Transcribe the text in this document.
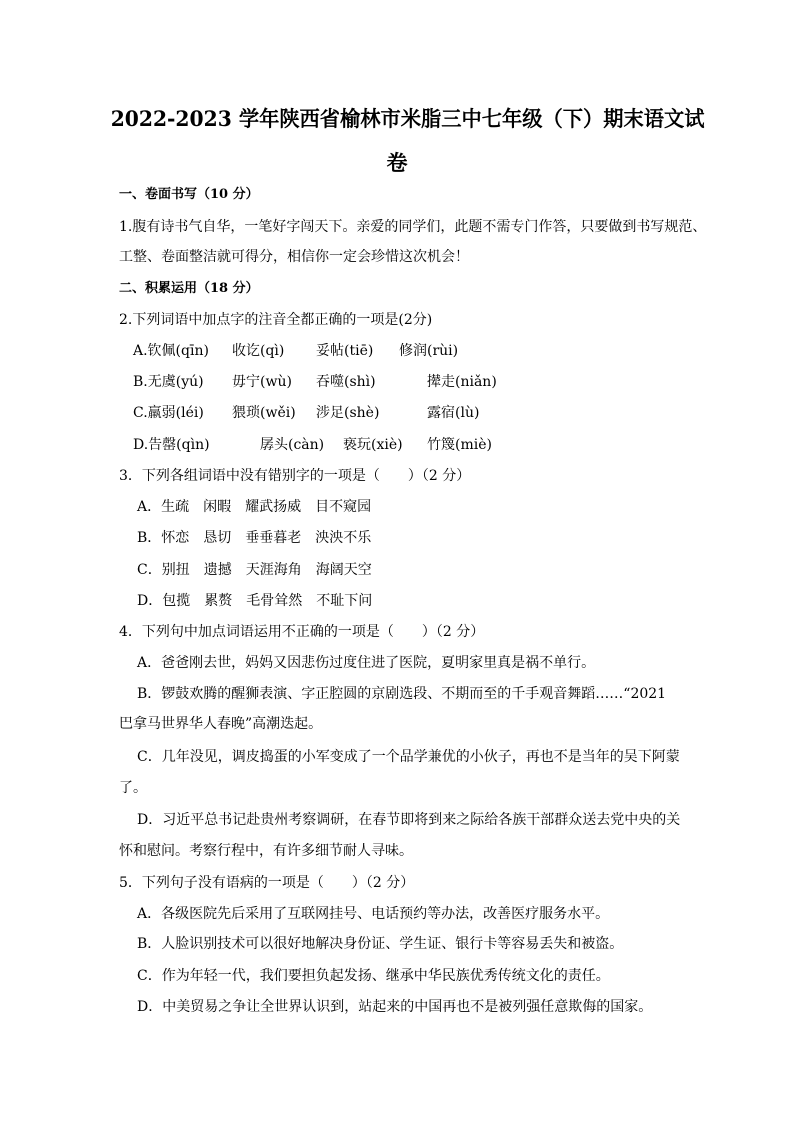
2022-2023 学年陕西省榆林市米脂三中七年级（下）期末语文试
卷
一、卷面书写（10 分）
1.腹有诗书气自华，一笔好字闯天下。亲爱的同学们，此题不需专门作答，只要做到书写规范、
工整、卷面整洁就可得分，相信你一定会珍惜这次机会！
二、积累运用（18 分）
2.下列词语中加点字的注音全都正确的一项是(2分)
A.钦佩(qīn) 收讫(qì) 妥帖(tiē) 修润(rùi)
B.无虞(yú) 毋宁(wù) 吞噬(shì)	撵走(niǎn)
C.羸弱(léi) 猥琐(wěi) 涉足(shè)	露宿(lù)
D.告罄(qìn)	孱头(càn) 亵玩(xiè) 竹篾(miè)
3．下列各组词语中没有错别字的一项是（　　）（2 分）
A．生疏　闲暇　耀武扬威　目不窥园
B．怀恋　恳切　垂垂暮老　泱泱不乐
C．别扭　遗撼　天涯海角　海阔天空
D．包揽　累赘　毛骨耸然　不耻下问
4．下列句中加点词语运用不正确的一项是（　　）（2 分）
A．爸爸刚去世，妈妈又因悲伤过度住进了医院，夏明家里真是祸不单行。
B．锣鼓欢腾的醒狮表演、字正腔圆的京剧选段、不期而至的千手观音舞蹈……“2021
巴拿马世界华人春晚”高潮迭起。
C．几年没见，调皮捣蛋的小军变成了一个品学兼优的小伙子，再也不是当年的吴下阿蒙
了。
D．习近平总书记赴贵州考察调研，在春节即将到来之际给各族干部群众送去党中央的关
怀和慰问。考察行程中，有许多细节耐人寻味。
5．下列句子没有语病的一项是（　　）（2 分）
A．各级医院先后采用了互联网挂号、电话预约等办法，改善医疗服务水平。
B．人脸识别技术可以很好地解决身份证、学生证、银行卡等容易丢失和被盗。
C．作为年轻一代，我们要担负起发扬、继承中华民族优秀传统文化的责任。
D．中美贸易之争让全世界认识到，站起来的中国再也不是被列强任意欺侮的国家。
